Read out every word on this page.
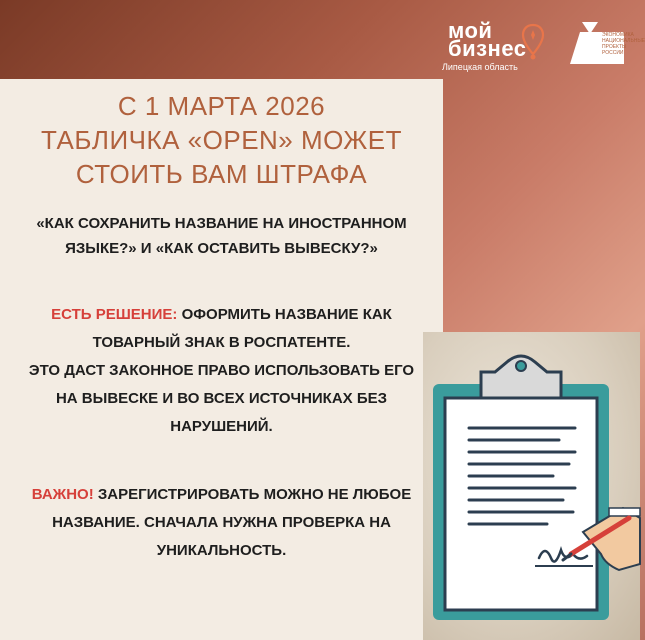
мой
бизнес
Липецкая область
ЭКОНОМИКА НАЦИОНАЛЬНЫЕ ПРОЕКТЫ РОССИИ
С 1 МАРТА 2026
ТАБЛИЧКА «OPEN» МОЖЕТ
СТОИТЬ ВАМ ШТРАФА
«КАК СОХРАНИТЬ НАЗВАНИЕ НА ИНОСТРАННОМ
ЯЗЫКЕ?» И «КАК ОСТАВИТЬ ВЫВЕСКУ?»
ЕСТЬ РЕШЕНИЕ: ОФОРМИТЬ НАЗВАНИЕ КАК
ТОВАРНЫЙ ЗНАК В РОСПАТЕНТЕ.
ЭТО ДАСТ ЗАКОННОЕ ПРАВО ИСПОЛЬЗОВАТЬ ЕГО
НА ВЫВЕСКЕ И ВО ВСЕХ ИСТОЧНИКАХ БЕЗ
НАРУШЕНИЙ.
ВАЖНО! ЗАРЕГИСТРИРОВАТЬ МОЖНО НЕ ЛЮБОЕ
НАЗВАНИЕ. СНАЧАЛА НУЖНА ПРОВЕРКА НА
УНИКАЛЬНОСТЬ.
